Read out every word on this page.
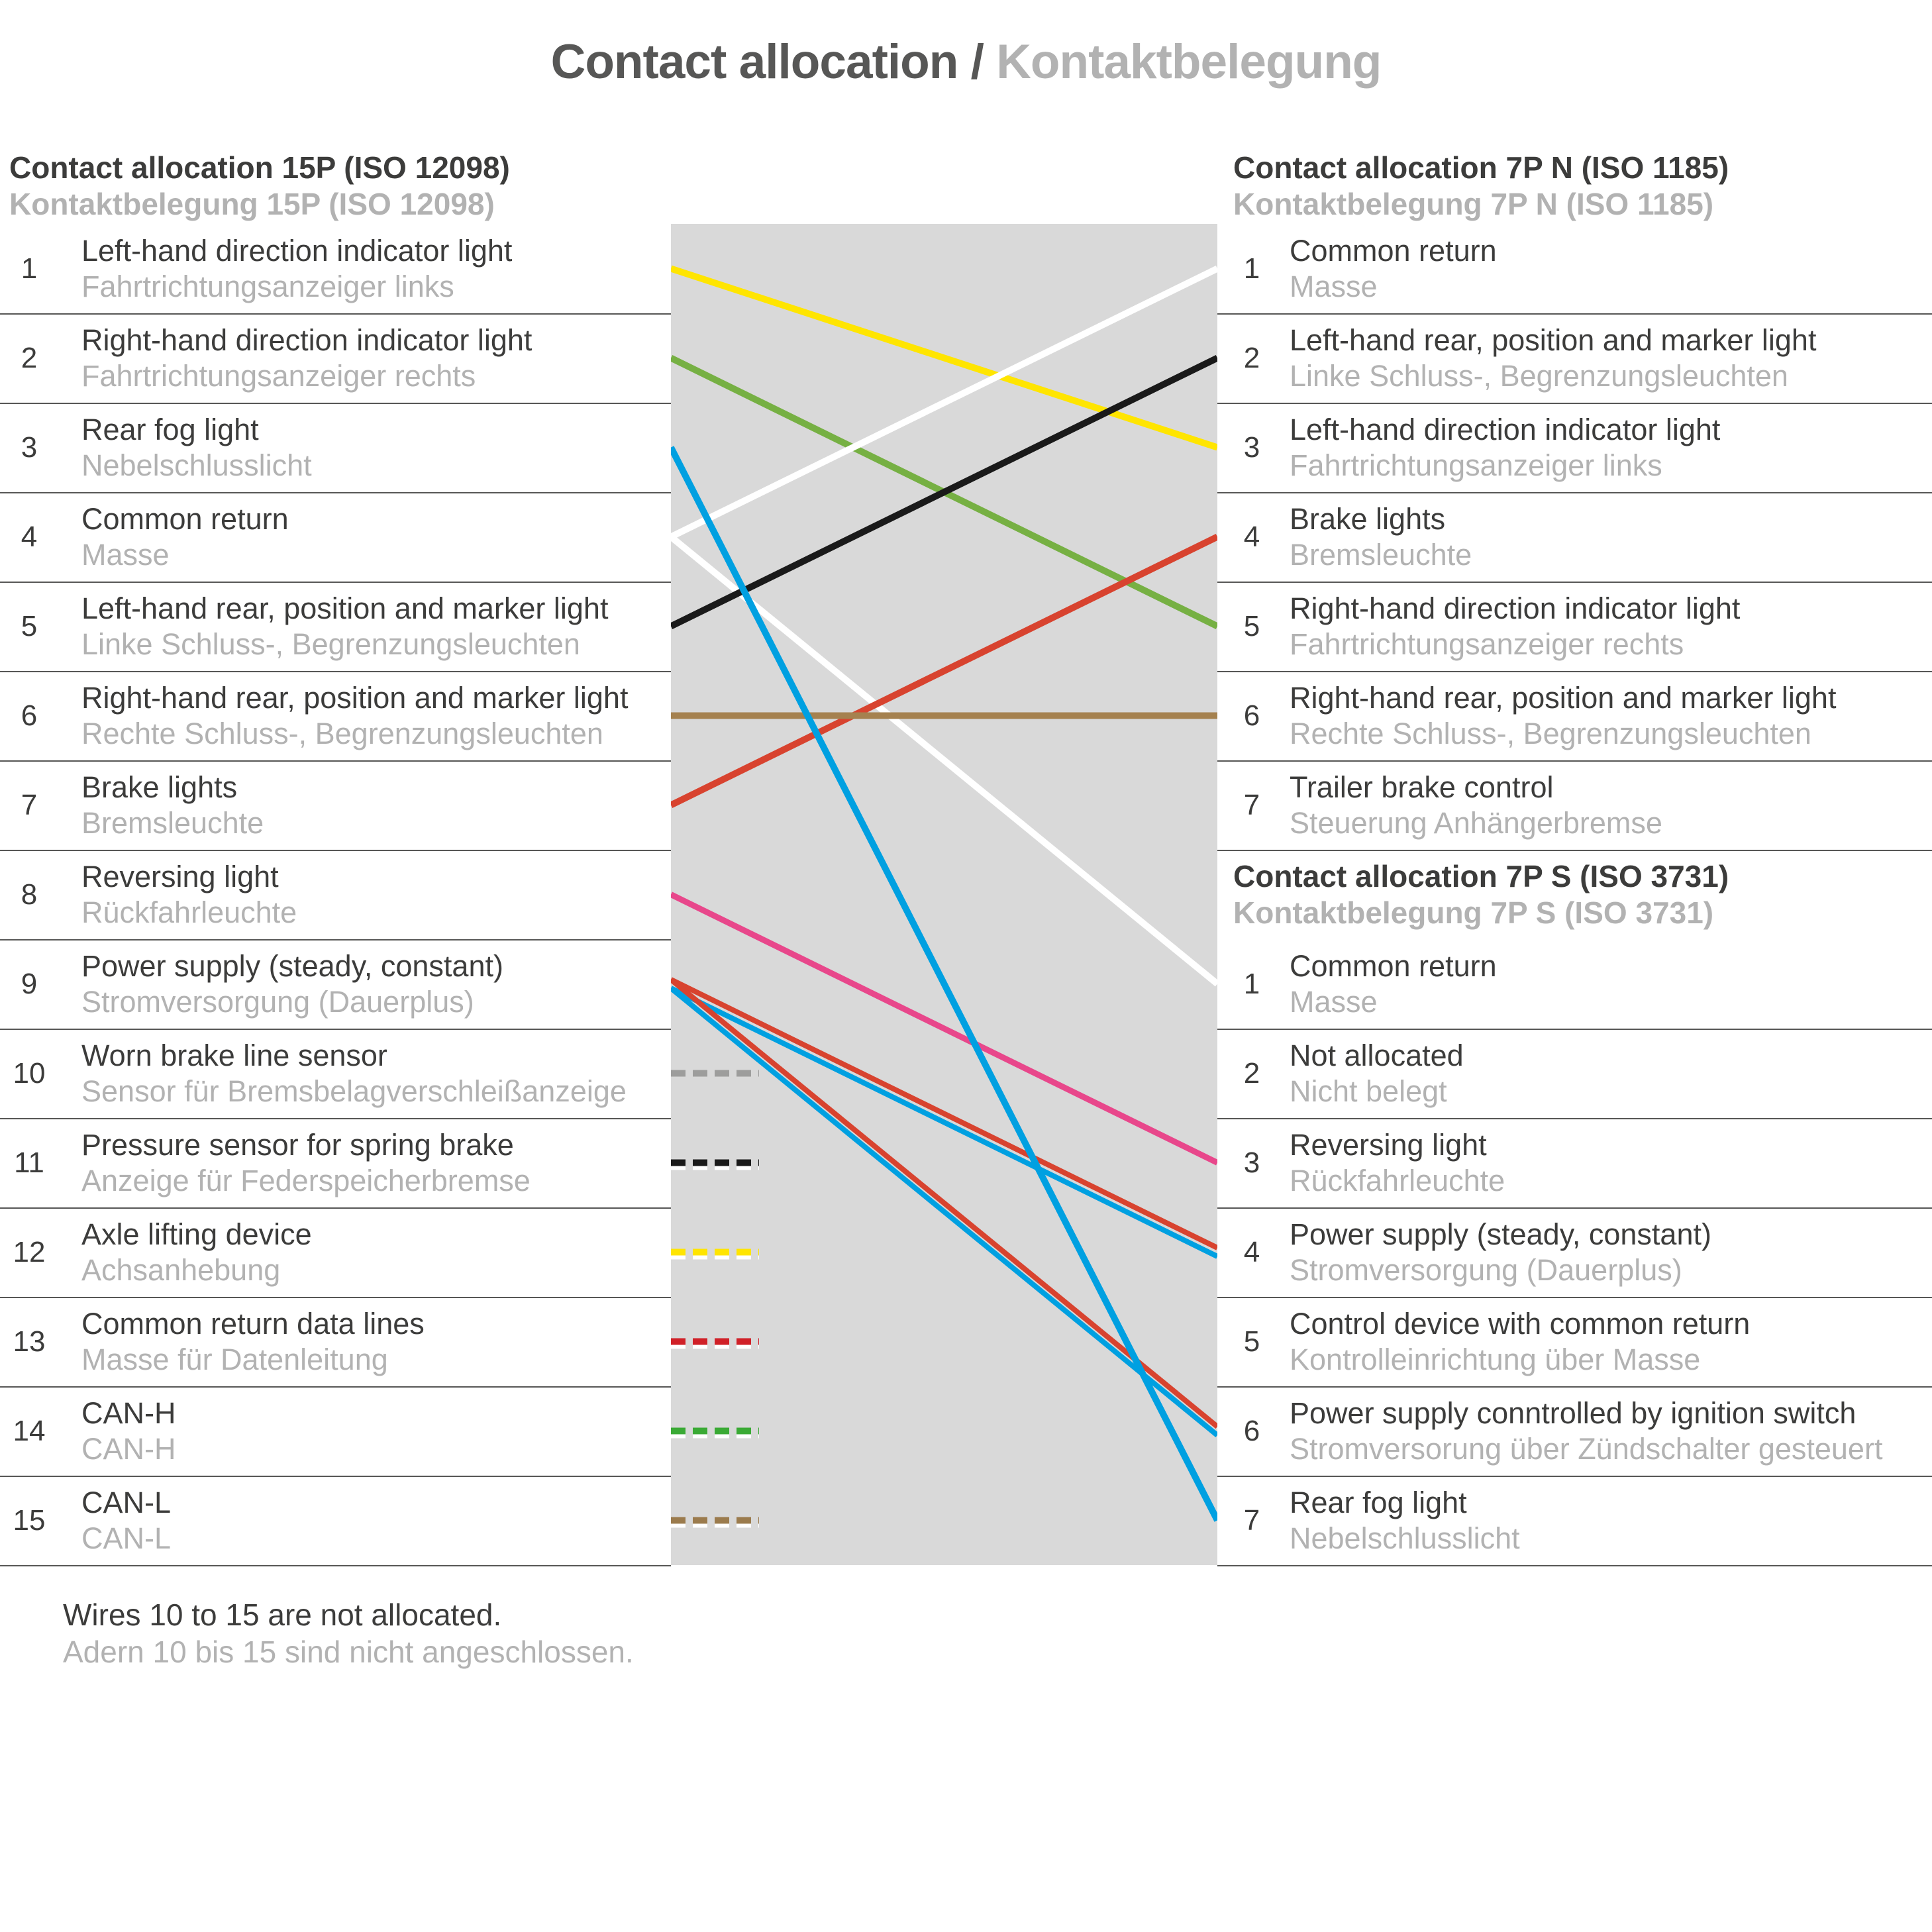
Contact allocation / Kontaktbelegung
Contact allocation 15P (ISO 12098)
Kontaktbelegung 15P (ISO 12098)
Contact allocation 7P N (ISO 1185)
Kontaktbelegung 7P N (ISO 1185)
1
Left-hand direction indicator light
Fahrtrichtungsanzeiger links
2
Right-hand direction indicator light
Fahrtrichtungsanzeiger rechts
3
Rear fog light
Nebelschlusslicht
4
Common return
Masse
5
Left-hand rear, position and marker light
Linke Schluss-, Begrenzungsleuchten
6
Right-hand rear, position and marker light
Rechte Schluss-, Begrenzungsleuchten
7
Brake lights
Bremsleuchte
8
Reversing light
Rückfahrleuchte
9
Power supply (steady, constant)
Stromversorgung (Dauerplus)
10
Worn brake line sensor
Sensor für Bremsbelagverschleißanzeige
11
Pressure sensor for spring brake
Anzeige für Federspeicherbremse
12
Axle lifting device
Achsanhebung
13
Common return data lines
Masse für Datenleitung
14
CAN-H
CAN-H
15
CAN-L
CAN-L
1
Common return
Masse
2
Left-hand rear, position and marker light
Linke Schluss-, Begrenzungsleuchten
3
Left-hand direction indicator light
Fahrtrichtungsanzeiger links
4
Brake lights
Bremsleuchte
5
Right-hand direction indicator light
Fahrtrichtungsanzeiger rechts
6
Right-hand rear, position and marker light
Rechte Schluss-, Begrenzungsleuchten
7
Trailer brake control
Steuerung Anhängerbremse
Contact allocation 7P S (ISO 3731)
Kontaktbelegung 7P S (ISO 3731)
1
Common return
Masse
2
Not allocated
Nicht belegt
3
Reversing light
Rückfahrleuchte
4
Power supply (steady, constant)
Stromversorgung (Dauerplus)
5
Control device with common return
Kontrolleinrichtung über Masse
6
Power supply conntrolled by ignition switch
Stromversorung über Zündschalter gesteuert
7
Rear fog light
Nebelschlusslicht
Wires 10 to 15 are not allocated.
Adern 10 bis 15 sind nicht angeschlossen.
